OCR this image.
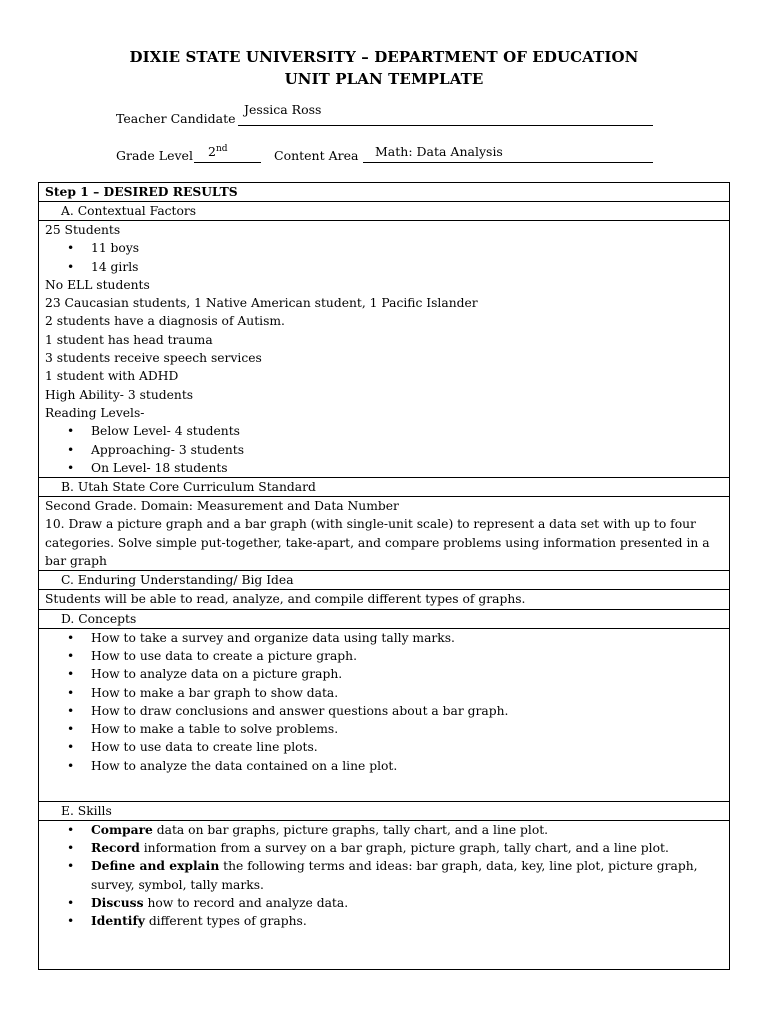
DIXIE STATE UNIVERSITY – DEPARTMENT OF EDUCATION
UNIT PLAN TEMPLATE
Teacher Candidate
Jessica Ross
Grade Level 2nd	Content Area Math: Data Analysis
Step 1 – DESIRED RESULTS
A. Contextual Factors
25 Students
• 11 boys
• 14 girls
No ELL students
23 Caucasian students, 1 Native American student, 1 Pacific Islander
2 students have a diagnosis of Autism.
1 student has head trauma
3 students receive speech services
1 student with ADHD
High Ability- 3 students
Reading Levels-
• Below Level- 4 students
• Approaching- 3 students
• On Level- 18 students
B. Utah State Core Curriculum Standard
Second Grade. Domain: Measurement and Data Number
10. Draw a picture graph and a bar graph (with single-unit scale) to represent a data set with up to four categories. Solve simple put-together, take-apart, and compare problems using information presented in a bar graph
C. Enduring Understanding/ Big Idea
Students will be able to read, analyze, and compile different types of graphs.
D. Concepts
• How to take a survey and organize data using tally marks.
• How to use data to create a picture graph.
• How to analyze data on a picture graph.
• How to make a bar graph to show data.
• How to draw conclusions and answer questions about a bar graph.
• How to make a table to solve problems.
• How to use data to create line plots.
• How to analyze the data contained on a line plot.
E. Skills
• Compare data on bar graphs, picture graphs, tally chart, and a line plot.
• Record information from a survey on a bar graph, picture graph, tally chart, and a line plot.
• Define and explain the following terms and ideas: bar graph, data, key, line plot, picture graph, survey, symbol, tally marks.
• Discuss how to record and analyze data.
• Identify different types of graphs.
